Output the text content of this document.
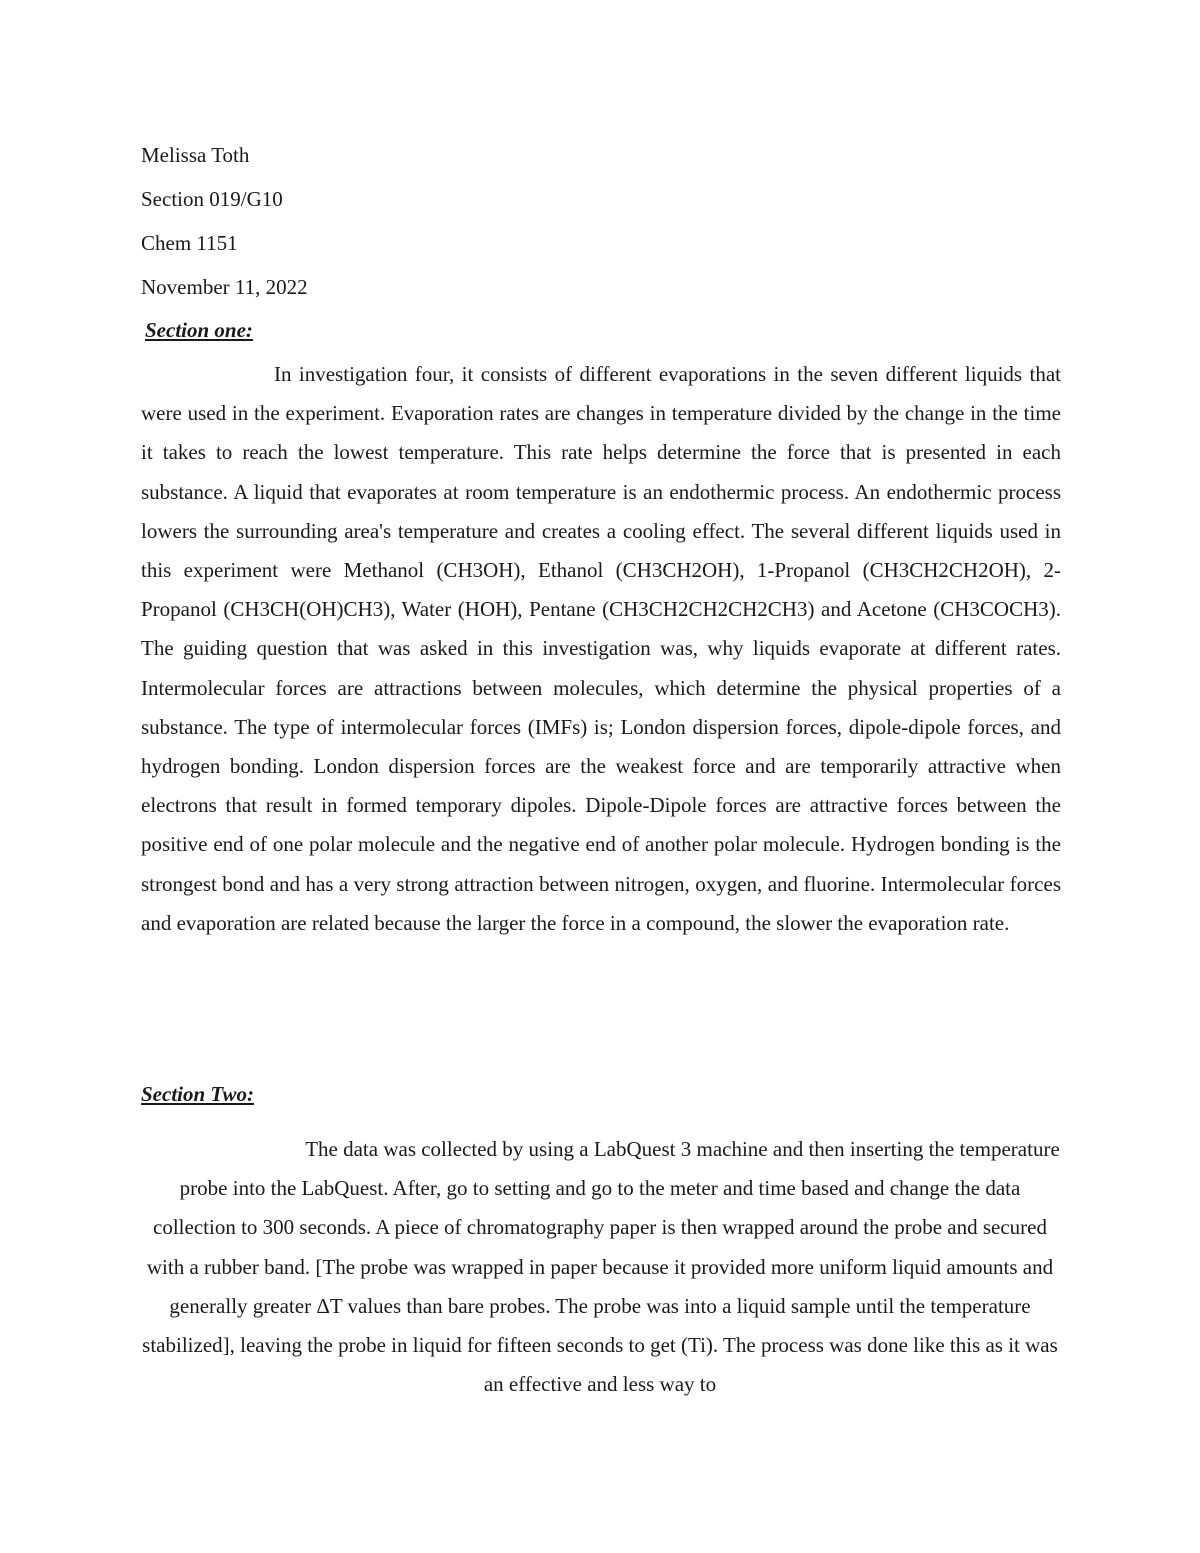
Melissa Toth
Section 019/G10
Chem 1151
November 11, 2022
Section one:

In investigation four, it consists of different evaporations in the seven different liquids that were used in the experiment. Evaporation rates are changes in temperature divided by the change in the time it takes to reach the lowest temperature. This rate helps determine the force that is presented in each substance. A liquid that evaporates at room temperature is an endothermic process. An endothermic process lowers the surrounding area's temperature and creates a cooling effect. The several different liquids used in this experiment were Methanol (CH3OH), Ethanol (CH3CH2OH), 1-Propanol (CH3CH2CH2OH), 2-Propanol (CH3CH(OH)CH3), Water (HOH), Pentane (CH3CH2CH2CH2CH3) and Acetone (CH3COCH3). The guiding question that was asked in this investigation was, why liquids evaporate at different rates. Intermolecular forces are attractions between molecules, which determine the physical properties of a substance. The type of intermolecular forces (IMFs) is; London dispersion forces, dipole-dipole forces, and hydrogen bonding. London dispersion forces are the weakest force and are temporarily attractive when electrons that result in formed temporary dipoles. Dipole-Dipole forces are attractive forces between the positive end of one polar molecule and the negative end of another polar molecule. Hydrogen bonding is the strongest bond and has a very strong attraction between nitrogen, oxygen, and fluorine. Intermolecular forces and evaporation are related because the larger the force in a compound, the slower the evaporation rate.

Section Two:

The data was collected by using a LabQuest 3 machine and then inserting the temperature probe into the LabQuest. After, go to setting and go to the meter and time based and change the data collection to 300 seconds. A piece of chromatography paper is then wrapped around the probe and secured with a rubber band. [The probe was wrapped in paper because it provided more uniform liquid amounts and generally greater ΔT values than bare probes. The probe was into a liquid sample until the temperature stabilized], leaving the probe in liquid for fifteen seconds to get (Ti). The process was done like this as it was an effective and less way to
